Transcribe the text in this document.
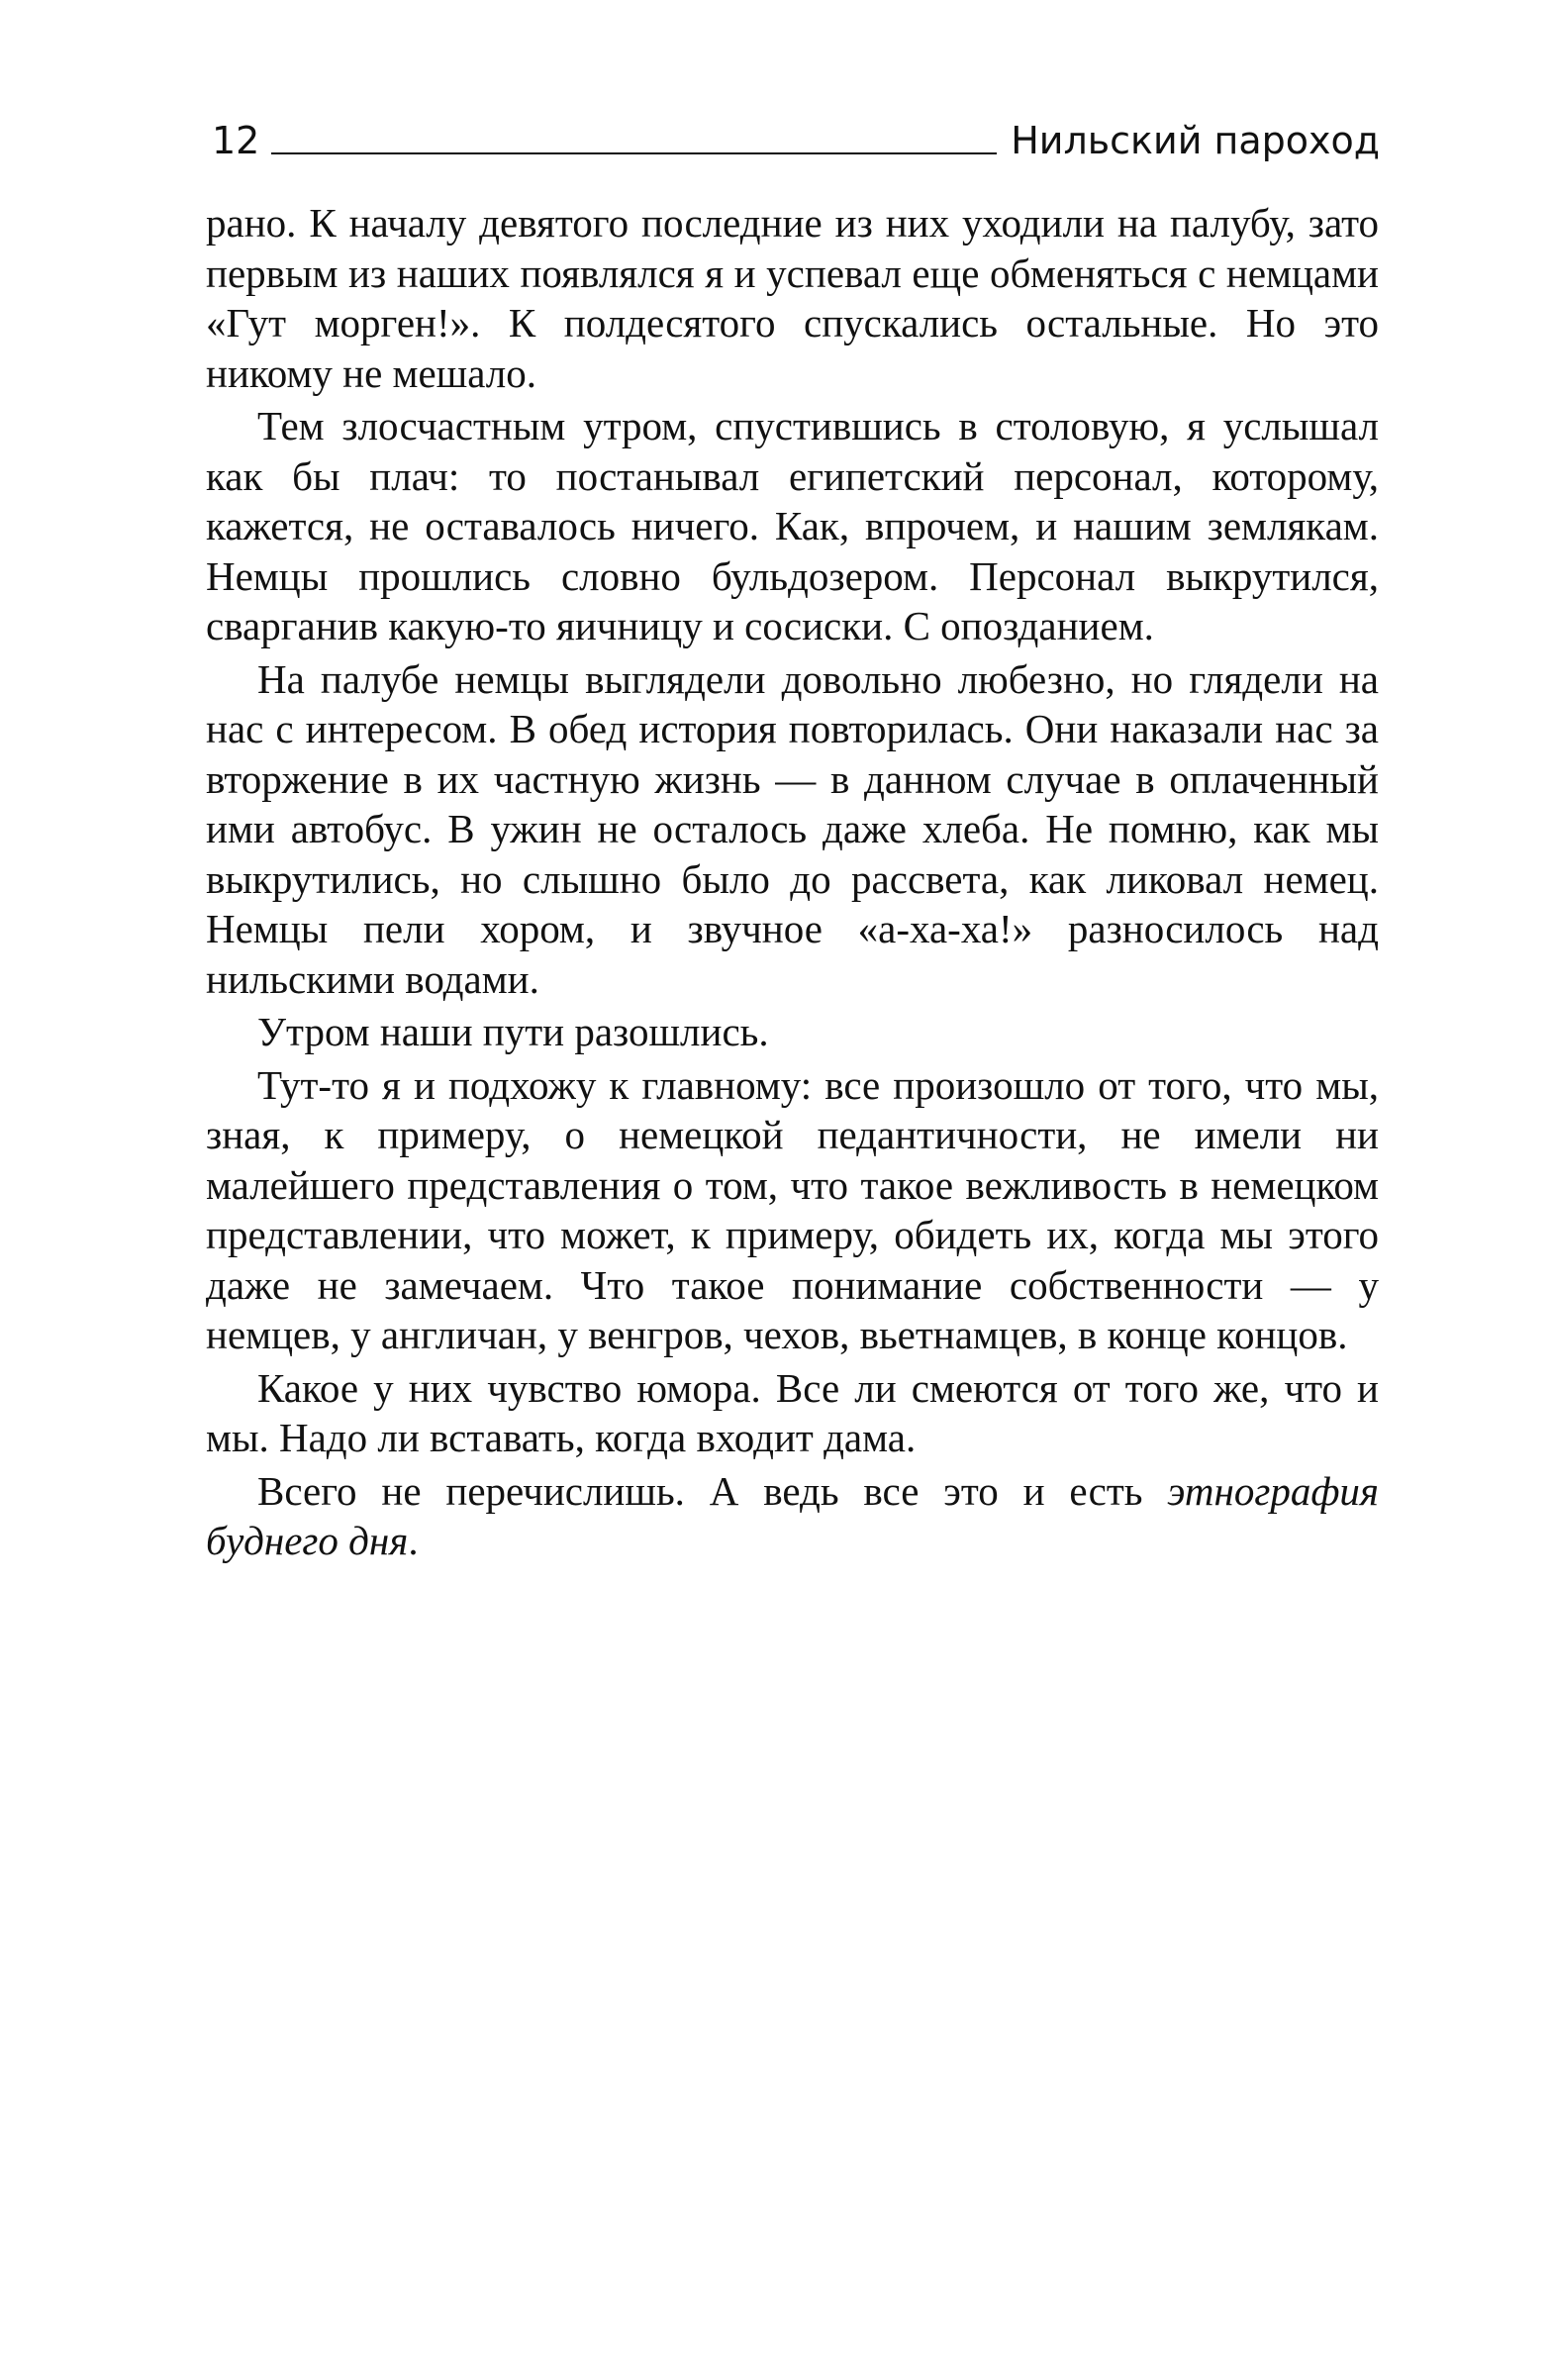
12	Нильский пароход

рано. К началу девятого последние из них уходили на палубу, зато первым из наших появлялся я и успевал еще обменяться с немцами «Гут морген!». К полдесятого спускались остальные. Но это никому не мешало.

Тем злосчастным утром, спустившись в столовую, я услышал как бы плач: то постанывал египетский персонал, которому, кажется, не оставалось ничего. Как, впрочем, и нашим землякам. Немцы прошлись словно бульдозером. Персонал выкрутился, сварганив какую-то яичницу и сосиски. С опозданием.

На палубе немцы выглядели довольно любезно, но глядели на нас с интересом. В обед история повторилась. Они наказали нас за вторжение в их частную жизнь — в данном случае в оплаченный ими автобус. В ужин не осталось даже хлеба. Не помню, как мы выкрутились, но слышно было до рассвета, как ликовал немец. Немцы пели хором, и звучное «а-ха-ха!» разносилось над нильскими водами.

Утром наши пути разошлись.

Тут-то я и подхожу к главному: все произошло от того, что мы, зная, к примеру, о немецкой педантичности, не имели ни малейшего представления о том, что такое вежливость в немецком представлении, что может, к примеру, обидеть их, когда мы этого даже не замечаем. Что такое понимание собственности — у немцев, у англичан, у венгров, чехов, вьетнамцев, в конце концов.

Какое у них чувство юмора. Все ли смеются от того же, что и мы. Надо ли вставать, когда входит дама.

Всего не перечислишь. А ведь все это и есть этнография буднего дня.
